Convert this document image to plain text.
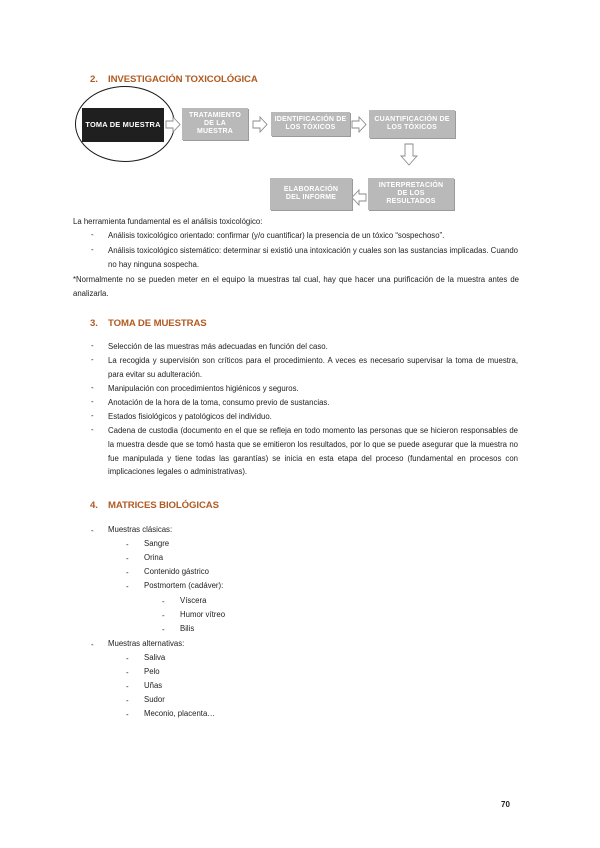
2. INVESTIGACIÓN TOXICOLÓGICA
TOMA DE MUESTRA
TRATAMIENTO DE LA MUESTRA
IDENTIFICACIÓN DE LOS TÓXICOS
CUANTIFICACIÓN DE LOS TÓXICOS
INTERPRETACIÓN DE LOS RESULTADOS
ELABORACIÓN DEL INFORME
La herramienta fundamental es el análisis toxicológico:
- Análisis toxicológico orientado: confirmar (y/o cuantificar) la presencia de un tóxico “sospechoso”.
- Análisis toxicológico sistemático: determinar si existió una intoxicación y cuales son las sustancias implicadas. Cuando no hay ninguna sospecha.
*Normalmente no se pueden meter en el equipo la muestras tal cual, hay que hacer una purificación de la muestra antes de analizarla.
3. TOMA DE MUESTRAS
- Selección de las muestras más adecuadas en función del caso.
- La recogida y supervisión son críticos para el procedimiento. A veces es necesario supervisar la toma de muestra, para evitar su adulteración.
- Manipulación con procedimientos higiénicos y seguros.
- Anotación de la hora de la toma, consumo previo de sustancias.
- Estados fisiológicos y patológicos del individuo.
- Cadena de custodia (documento en el que se refleja en todo momento las personas que se hicieron responsables de la muestra desde que se tomó hasta que se emitieron los resultados, por lo que se puede asegurar que la muestra no fue manipulada y tiene todas las garantías) se inicia en esta etapa del proceso (fundamental en procesos con implicaciones legales o administrativas).
4. MATRICES BIOLÓGICAS
- Muestras clásicas:
- Sangre
- Orina
- Contenido gástrico
- Postmortem (cadáver):
- Víscera
- Humor vítreo
- Bilis
- Muestras alternativas:
- Saliva
- Pelo
- Uñas
- Sudor
- Meconio, placenta…
70
